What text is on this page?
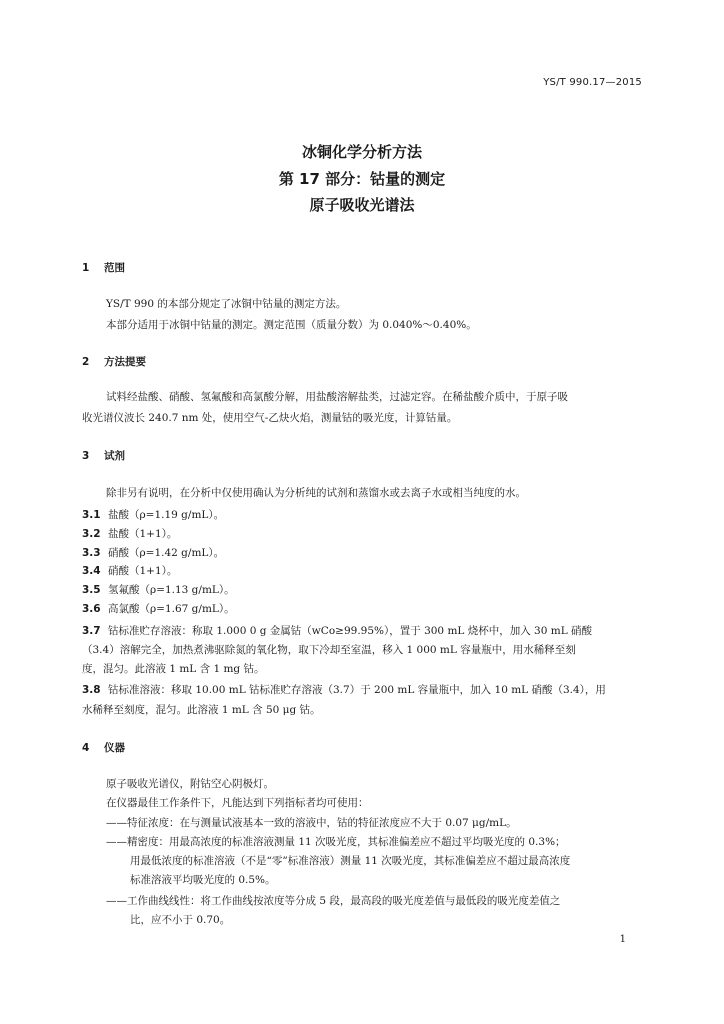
YS/T 990.17—2015
冰铜化学分析方法
第 17 部分：钴量的测定
原子吸收光谱法
1 范围
YS/T 990 的本部分规定了冰铜中钴量的测定方法。
本部分适用于冰铜中钴量的测定。测定范围（质量分数）为 0.040%～0.40%。
2 方法提要
试料经盐酸、硝酸、氢氟酸和高氯酸分解，用盐酸溶解盐类，过滤定容。在稀盐酸介质中，于原子吸
收光谱仪波长 240.7 nm 处，使用空气-乙炔火焰，测量钴的吸光度，计算钴量。
3 试剂
除非另有说明，在分析中仅使用确认为分析纯的试剂和蒸馏水或去离子水或相当纯度的水。
3.1 盐酸（ρ=1.19 g/mL）。
3.2 盐酸（1+1）。
3.3 硝酸（ρ=1.42 g/mL）。
3.4 硝酸（1+1）。
3.5 氢氟酸（ρ=1.13 g/mL）。
3.6 高氯酸（ρ=1.67 g/mL）。
3.7 钴标准贮存溶液：称取 1.000 0 g 金属钴（wCo≥99.95%），置于 300 mL 烧杯中，加入 30 mL 硝酸
（3.4）溶解完全，加热煮沸驱除氮的氧化物，取下冷却至室温，移入 1 000 mL 容量瓶中，用水稀释至刻
度，混匀。此溶液 1 mL 含 1 mg 钴。
3.8 钴标准溶液：移取 10.00 mL 钴标准贮存溶液（3.7）于 200 mL 容量瓶中，加入 10 mL 硝酸（3.4），用
水稀释至刻度，混匀。此溶液 1 mL 含 50 μg 钴。
4 仪器
原子吸收光谱仪，附钴空心阴极灯。
在仪器最佳工作条件下，凡能达到下列指标者均可使用：
——特征浓度：在与测量试液基本一致的溶液中，钴的特征浓度应不大于 0.07 μg/mL。
——精密度：用最高浓度的标准溶液测量 11 次吸光度，其标准偏差应不超过平均吸光度的 0.3%；
用最低浓度的标准溶液（不是“零”标准溶液）测量 11 次吸光度，其标准偏差应不超过最高浓度
标准溶液平均吸光度的 0.5%。
——工作曲线线性：将工作曲线按浓度等分成 5 段，最高段的吸光度差值与最低段的吸光度差值之
比，应不小于 0.70。
1
